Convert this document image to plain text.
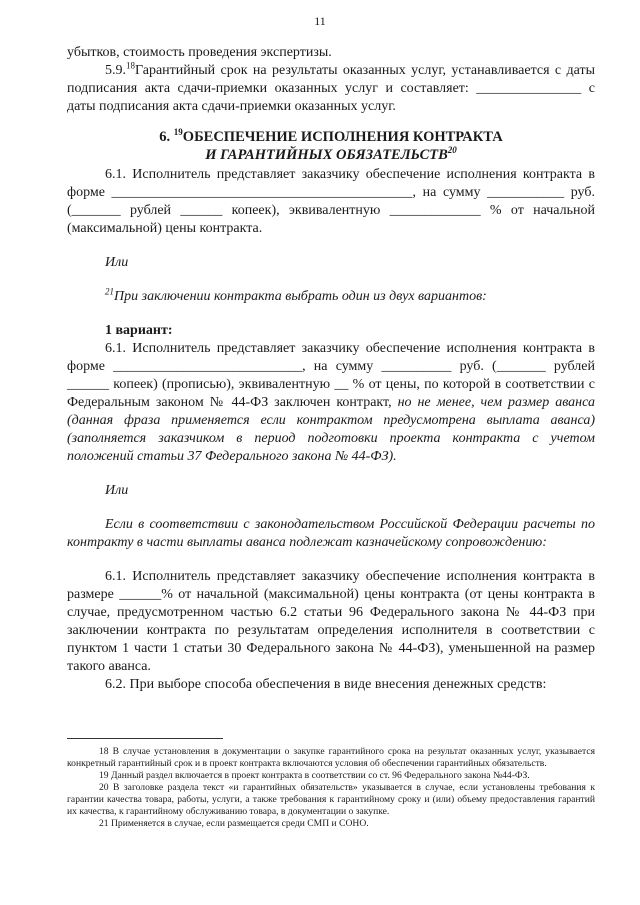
11

убытков, стоимость проведения экспертизы.

5.9.18Гарантийный срок на результаты оказанных услуг, устанавливается с даты подписания акта сдачи-приемки оказанных услуг и составляет: _______________ с даты подписания акта сдачи-приемки оказанных услуг.

6. $^{19}$ОБЕСПЕЧЕНИЕ ИСПОЛНЕНИЯ КОНТРАКТА
И ГАРАНТИЙНЫХ ОБЯЗАТЕЛЬСТВ$^{20}$

6.1. Исполнитель представляет заказчику обеспечение исполнения контракта в форме ___________________________________________, на сумму ___________ руб. (_______ рублей ______ копеек), эквивалентную _____________ % от начальной (максимальной) цены контракта.

Или

$^{21}$При заключении контракта выбрать один из двух вариантов:

1 вариант:

6.1. Исполнитель представляет заказчику обеспечение исполнения контракта в форме ___________________________, на сумму __________ руб. (_______ рублей ______ копеек) (прописью), эквивалентную __ % от цены, по которой в соответствии с Федеральным законом № 44-ФЗ заключен контракт, но не менее, чем размер аванса (данная фраза применяется если контрактом предусмотрена выплата аванса) (заполняется заказчиком в период подготовки проекта контракта с учетом положений статьи 37 Федерального закона № 44-ФЗ).

Или

Если в соответствии с законодательством Российской Федерации расчеты по контракту в части выплаты аванса подлежат казначейскому сопровождению:

6.1. Исполнитель представляет заказчику обеспечение исполнения контракта в размере ______% от начальной (максимальной) цены контракта (от цены контракта в случае, предусмотренном частью 6.2 статьи 96 Федерального закона № 44-ФЗ при заключении контракта по результатам определения исполнителя в соответствии с пунктом 1 части 1 статьи 30 Федерального закона № 44-ФЗ), уменьшенной на размер такого аванса.

6.2. При выборе способа обеспечения в виде внесения денежных средств:

18 В случае установления в документации о закупке гарантийного срока на результат оказанных услуг, указывается конкретный гарантийный срок и в проект контракта включаются условия об обеспечении гарантийных обязательств.

19 Данный раздел включается в проект контракта в соответствии со ст. 96 Федерального закона №44-ФЗ.

20 В заголовке раздела текст «и гарантийных обязательств» указывается в случае, если установлены требования к гарантии качества товара, работы, услуги, а также требования к гарантийному сроку и (или) объему предоставления гарантий их качества, к гарантийному обслуживанию товара, в документации о закупке.

21 Применяется в случае, если размещается среди СМП и СОНО.
